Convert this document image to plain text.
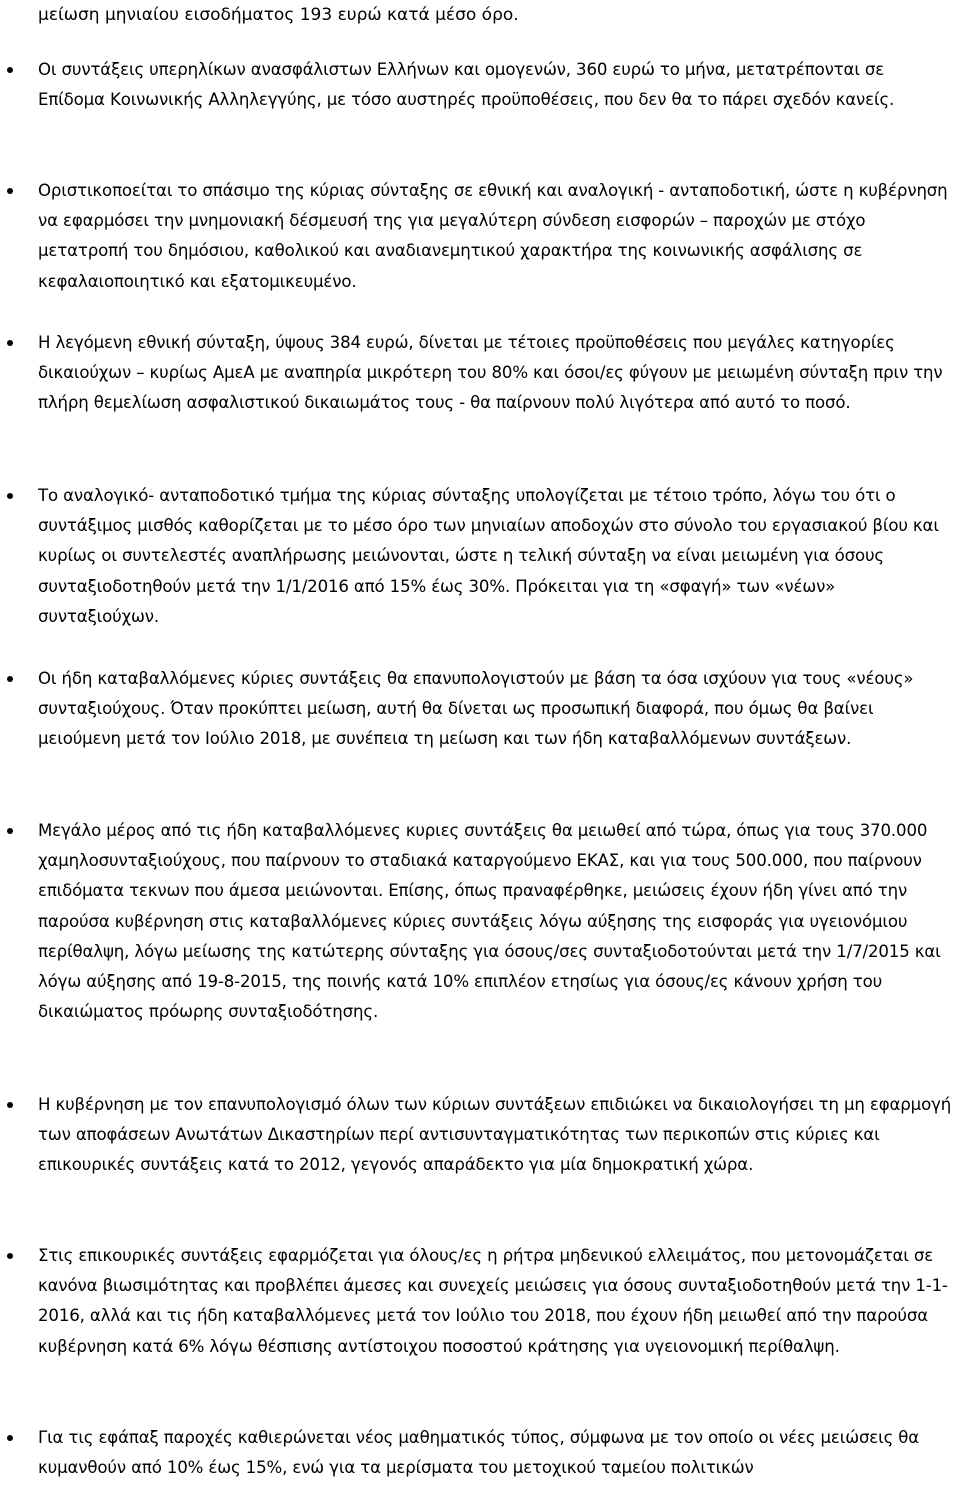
μείωση μηνιαίου εισοδήματος 193 ευρώ κατά μέσο όρο.
Οι συντάξεις υπερηλίκων ανασφάλιστων Ελλήνων και ομογενών, 360 ευρώ το μήνα, μετατρέπονται σε Επίδομα Κοινωνικής Αλληλεγγύης, με τόσο αυστηρές προϋποθέσεις, που δεν θα το πάρει σχεδόν κανείς.
Οριστικοποείται το σπάσιμο της κύριας σύνταξης σε εθνική και αναλογική - ανταποδοτική, ώστε η κυβέρνηση να εφαρμόσει την μνημονιακή δέσμευσή της για μεγαλύτερη σύνδεση εισφορών – παροχών με στόχο μετατροπή του δημόσιου, καθολικού και αναδιανεμητικού χαρακτήρα της κοινωνικής ασφάλισης σε κεφαλαιοποιητικό και εξατομικευμένο.
Η λεγόμενη εθνική σύνταξη, ύψους 384 ευρώ, δίνεται με τέτοιες προϋποθέσεις που μεγάλες κατηγορίες δικαιούχων – κυρίως ΑμεΑ με αναπηρία μικρότερη του 80% και όσοι/ες φύγουν με μειωμένη σύνταξη πριν την πλήρη θεμελίωση ασφαλιστικού δικαιωμάτος τους - θα παίρνουν πολύ λιγότερα από αυτό το ποσό.
Το αναλογικό- ανταποδοτικό τμήμα της κύριας σύνταξης υπολογίζεται με τέτοιο τρόπο, λόγω του ότι ο συντάξιμος μισθός καθορίζεται με το μέσο όρο των μηνιαίων αποδοχών στο σύνολο του εργασιακού βίου και κυρίως οι συντελεστές αναπλήρωσης μειώνονται, ώστε η τελική σύνταξη να είναι μειωμένη για όσους συνταξιοδοτηθούν μετά την 1/1/2016 από 15% έως 30%. Πρόκειται για τη «σφαγή» των «νέων» συνταξιούχων.
Οι ήδη καταβαλλόμενες κύριες συντάξεις θα επανυπολογιστούν με βάση τα όσα ισχύουν για τους «νέους» συνταξιούχους. Όταν προκύπτει μείωση, αυτή θα δίνεται ως προσωπική διαφορά, που όμως θα βαίνει μειούμενη μετά τον Ιούλιο 2018, με συνέπεια τη μείωση και των ήδη καταβαλλόμενων συντάξεων.
Μεγάλο μέρος από τις ήδη καταβαλλόμενες κυριες συντάξεις θα μειωθεί από τώρα, όπως για τους 370.000 χαμηλοσυνταξιούχους, που παίρνουν το σταδιακά καταργούμενο ΕΚΑΣ, και για τους 500.000, που παίρνουν επιδόματα τεκνων που άμεσα μειώνονται. Επίσης, όπως πραναφέρθηκε, μειώσεις έχουν ήδη γίνει από την παρούσα κυβέρνηση στις καταβαλλόμενες κύριες συντάξεις λόγω αύξησης της εισφοράς για υγειονόμιου περίθαλψη, λόγω μείωσης της κατώτερης σύνταξης για όσους/σες συνταξιοδοτούνται μετά την 1/7/2015 και λόγω αύξησης από 19-8-2015, της ποινής κατά 10% επιπλέον ετησίως για όσους/ες κάνουν χρήση του δικαιώματος πρόωρης συνταξιοδότησης.
Η κυβέρνηση με τον επανυπολογισμό όλων των κύριων συντάξεων επιδιώκει να δικαιολογήσει τη μη εφαρμογή των αποφάσεων Ανωτάτων Δικαστηρίων περί αντισυνταγματικότητας των περικοπών στις κύριες και επικουρικές συντάξεις κατά το 2012, γεγονός απαράδεκτο για μία δημοκρατική χώρα.
Στις επικουρικές συντάξεις εφαρμόζεται για όλους/ες η ρήτρα μηδενικού ελλειμάτος, που μετονομάζεται σε κανόνα βιωσιμότητας και προβλέπει άμεσες και συνεχείς μειώσεις για όσους συνταξιοδοτηθούν μετά την 1-1-2016, αλλά και τις ήδη καταβαλλόμενες μετά τον Ιούλιο του 2018, που έχουν ήδη μειωθεί από την παρούσα κυβέρνηση κατά 6% λόγω θέσπισης αντίστοιχου ποσοστού κράτησης για υγειονομική περίθαλψη.
Για τις εφάπαξ παροχές καθιερώνεται νέος μαθηματικός τύπος, σύμφωνα με τον οποίο οι νέες μειώσεις θα κυμανθούν από 10% έως 15%, ενώ για τα μερίσματα του μετοχικού ταμείου πολιτικών
